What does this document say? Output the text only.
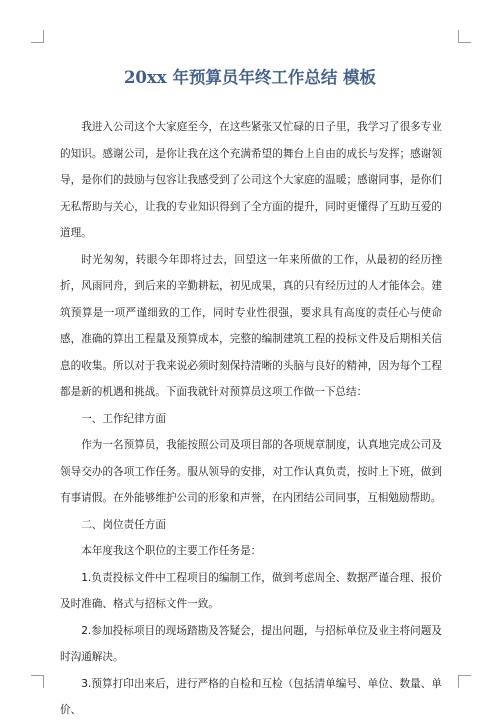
20xx 年预算员年终工作总结 模板

我进入公司这个大家庭至今，在这些紧张又忙碌的日子里，我学习了很多专业的知识。感谢公司，是你让我在这个充满希望的舞台上自由的成长与发挥；感谢领导，是你们的鼓励与包容让我感受到了公司这个大家庭的温暖；感谢同事，是你们无私帮助与关心，让我的专业知识得到了全方面的提升，同时更懂得了互助互爱的道理。

时光匆匆，转眼今年即将过去，回望这一年来所做的工作，从最初的经历挫折，风雨同舟，到后来的辛勤耕耘，初见成果，真的只有经历过的人才能体会。建筑预算是一项严谨细致的工作，同时专业性很强，要求具有高度的责任心与使命感，准确的算出工程量及预算成本，完整的编制建筑工程的投标文件及后期相关信息的收集。所以对于我来说必须时刻保持清晰的头脑与良好的精神，因为每个工程都是新的机遇和挑战。下面我就针对预算员这项工作做一下总结：

一、工作纪律方面

作为一名预算员，我能按照公司及项目部的各项规章制度，认真地完成公司及领导交办的各项工作任务。服从领导的安排，对工作认真负责，按时上下班，做到有事请假。在外能够维护公司的形象和声誉，在内团结公司同事，互相勉励帮助。

二、岗位责任方面

本年度我这个职位的主要工作任务是：

1.负责投标文件中工程项目的编制工作，做到考虑周全、数据严谨合理、报价及时准确、格式与招标文件一致。

2.参加投标项目的现场踏勘及答疑会，提出问题，与招标单位及业主将问题及时沟通解决。

3.预算打印出来后，进行严格的自检和互检（包括清单编号、单位、数量、单价、
